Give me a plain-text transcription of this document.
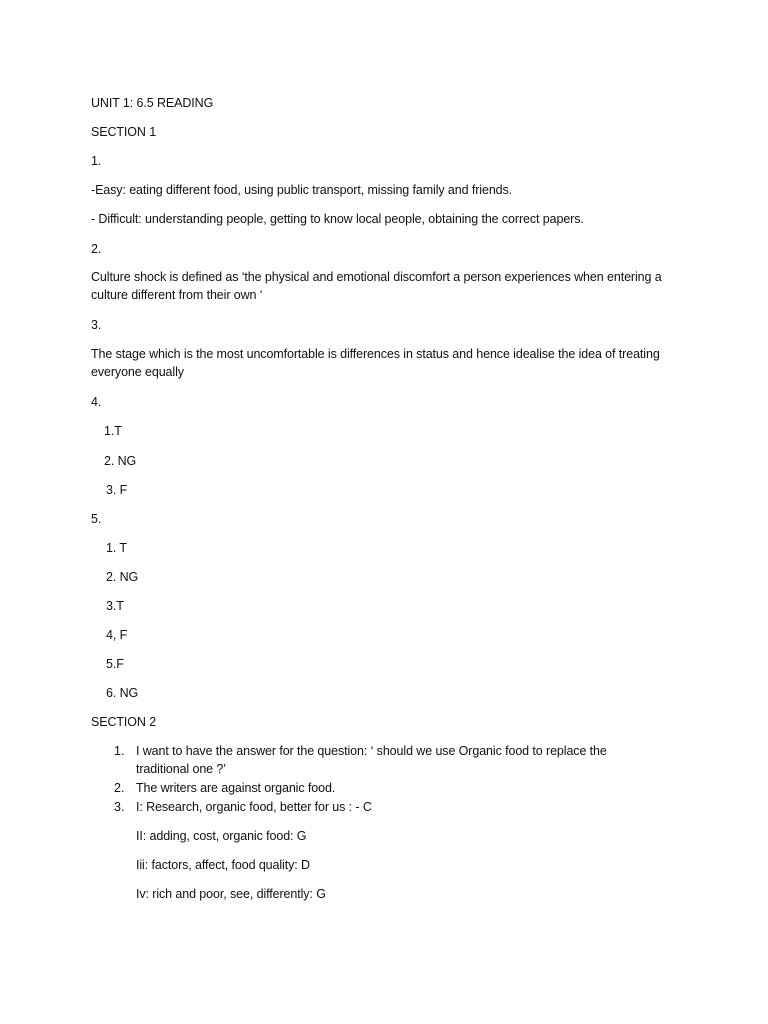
UNIT 1: 6.5 READING
SECTION 1
1.
-Easy: eating different food, using public transport, missing family and friends.
- Difficult: understanding people, getting to know local people, obtaining the correct papers.
2.
Culture shock is defined as ‘the physical and emotional discomfort a person experiences when entering a culture different from their own ‘
3.
The stage which is the most uncomfortable is differences in status and hence idealise the idea of treating everyone equally
4.
1.T
2. NG
3. F
5.
1. T
2. NG
3.T
4, F
5.F
6. NG
SECTION 2
1. I want to have the answer for the question: ‘ should we use Organic food to replace the traditional one ?’
2. The writers are against organic food.
3. I: Research, organic food, better for us : - C
II: adding, cost, organic food: G
Iii: factors, affect, food quality: D
Iv: rich and poor, see, differently: G
